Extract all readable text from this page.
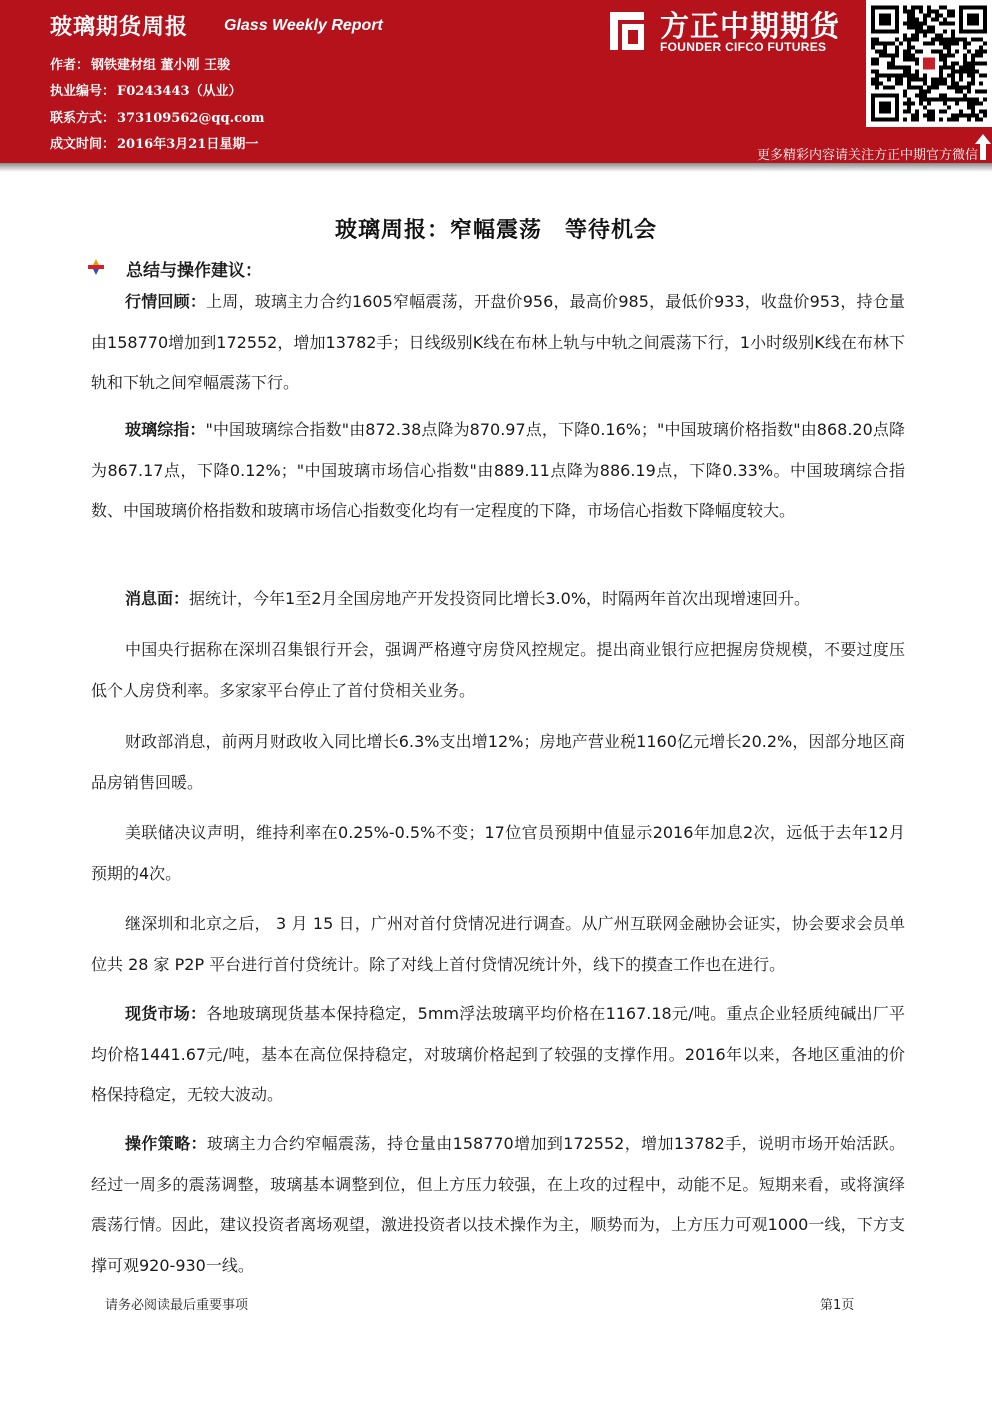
玻璃期货周报 Glass Weekly Report
作者： 钢铁建材组 董小刚 王骏
执业编号： F0243443（从业）
联系方式： 373109562@qq.com
成文时间： 2016年3月21日星期一
方正中期期货
FOUNDER CIFCO FUTURES
更多精彩内容请关注方正中期官方微信
玻璃周报：窄幅震荡　等待机会
总结与操作建议：
行情回顾：上周，玻璃主力合约1605窄幅震荡，开盘价956，最高价985，最低价933，收盘价953，持仓量由158770增加到172552，增加13782手；日线级别K线在布林上轨与中轨之间震荡下行，1小时级别K线在布林下轨和下轨之间窄幅震荡下行。
玻璃综指："中国玻璃综合指数"由872.38点降为870.97点，下降0.16%；"中国玻璃价格指数"由868.20点降为867.17点，下降0.12%；"中国玻璃市场信心指数"由889.11点降为886.19点，下降0.33%。中国玻璃综合指数、中国玻璃价格指数和玻璃市场信心指数变化均有一定程度的下降，市场信心指数下降幅度较大。
消息面：据统计，今年1至2月全国房地产开发投资同比增长3.0%，时隔两年首次出现增速回升。
中国央行据称在深圳召集银行开会，强调严格遵守房贷风控规定。提出商业银行应把握房贷规模，不要过度压低个人房贷利率。多家家平台停止了首付贷相关业务。
财政部消息，前两月财政收入同比增长6.3%支出增12%；房地产营业税1160亿元增长20.2%，因部分地区商品房销售回暖。
美联储决议声明，维持利率在0.25%-0.5%不变；17位官员预期中值显示2016年加息2次，远低于去年12月预期的4次。
继深圳和北京之后， 3 月 15 日，广州对首付贷情况进行调查。从广州互联网金融协会证实，协会要求会员单位共 28 家 P2P 平台进行首付贷统计。除了对线上首付贷情况统计外，线下的摸查工作也在进行。
现货市场：各地玻璃现货基本保持稳定，5mm浮法玻璃平均价格在1167.18元/吨。重点企业轻质纯碱出厂平均价格1441.67元/吨，基本在高位保持稳定，对玻璃价格起到了较强的支撑作用。2016年以来，各地区重油的价格保持稳定，无较大波动。
操作策略：玻璃主力合约窄幅震荡，持仓量由158770增加到172552，增加13782手，说明市场开始活跃。经过一周多的震荡调整，玻璃基本调整到位，但上方压力较强，在上攻的过程中，动能不足。短期来看，或将演绎震荡行情。因此，建议投资者离场观望，激进投资者以技术操作为主，顺势而为，上方压力可观1000一线，下方支撑可观920-930一线。
请务必阅读最后重要事项	第1页
